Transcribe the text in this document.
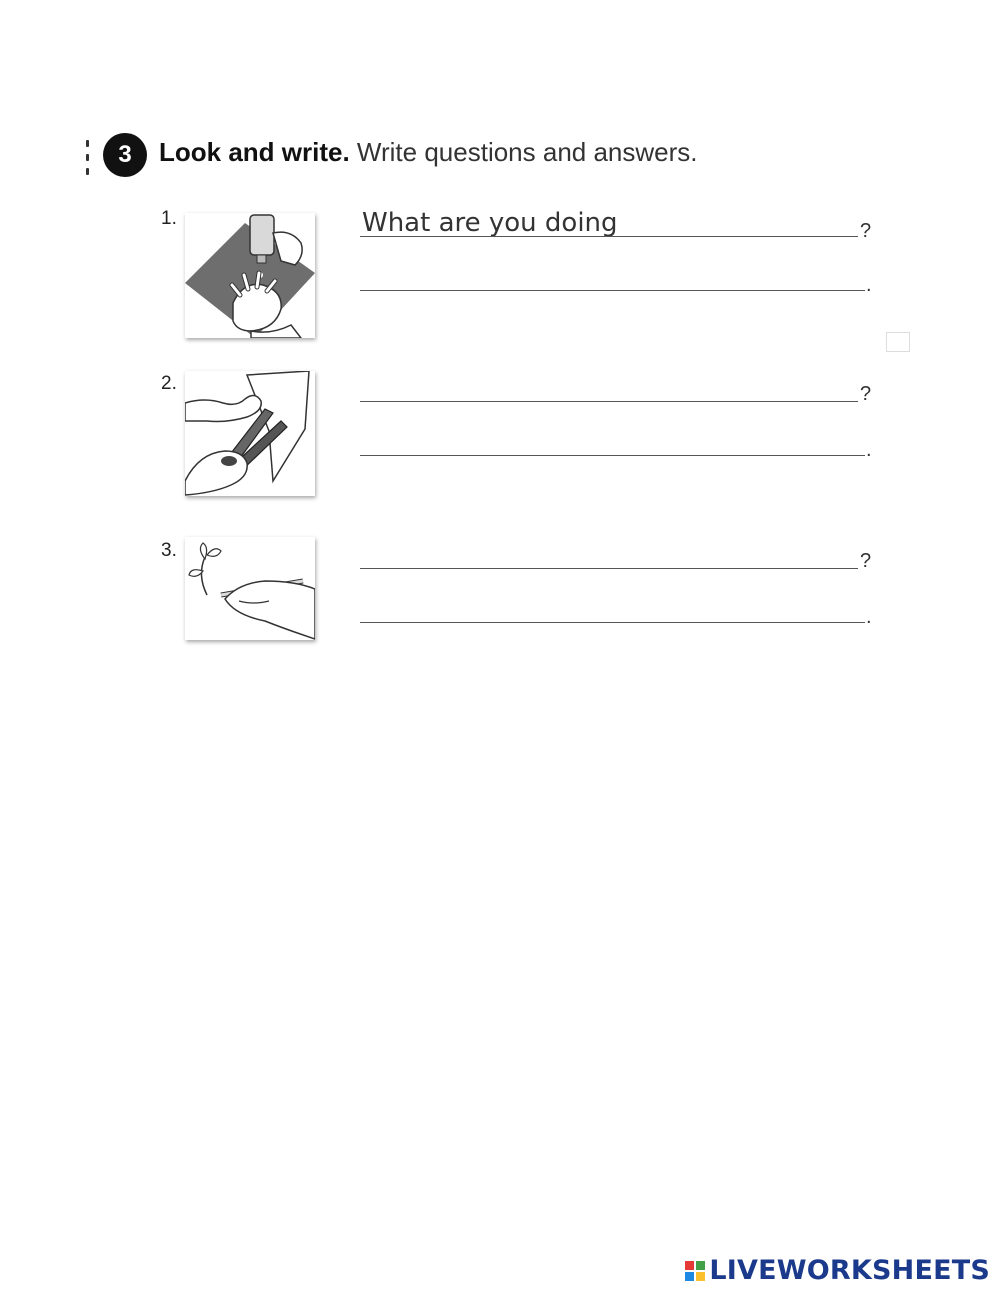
3	Look and write. Write questions and answers.
1.	What are you doing	?
.
2.	?
.
3.	?
.
LIVEWORKSHEETS
